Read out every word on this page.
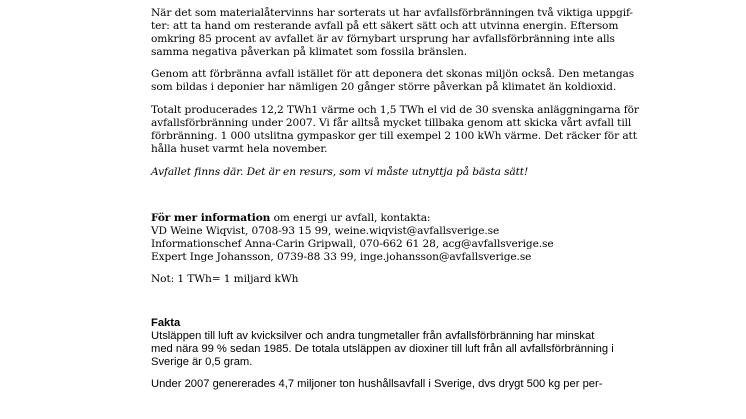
När det som materialåtervinns har sorterats ut har avfallsförbränningen två viktiga uppgif-
ter: att ta hand om resterande avfall på ett säkert sätt och att utvinna energin. Eftersom
omkring 85 procent av avfallet är av förnybart ursprung har avfallsförbränning inte alls
samma negativa påverkan på klimatet som fossila bränslen.

Genom att förbränna avfall istället för att deponera det skonas miljön också. Den metangas
som bildas i deponier har nämligen 20 gånger större påverkan på klimatet än koldioxid.

Totalt producerades 12,2 TWh1 värme och 1,5 TWh el vid de 30 svenska anläggningarna för
avfallsförbränning under 2007. Vi får alltså mycket tillbaka genom att skicka vårt avfall till
förbränning. 1 000 utslitna gympaskor ger till exempel 2 100 kWh värme. Det räcker för att
hålla huset varmt hela november.

Avfallet finns där. Det är en resurs, som vi måste utnyttja på bästa sätt!

För mer information om energi ur avfall, kontakta:
VD Weine Wiqvist, 0708-93 15 99, weine.wiqvist@avfallsverige.se
Informationschef Anna-Carin Gripwall, 070-662 61 28, acg@avfallsverige.se
Expert Inge Johansson, 0739-88 33 99, inge.johansson@avfallsverige.se

Not: 1 TWh= 1 miljard kWh

Fakta

Utsläppen till luft av kvicksilver och andra tungmetaller från avfallsförbränning har minskat
med nära 99 % sedan 1985. De totala utsläppen av dioxiner till luft från all avfallsförbränning i
Sverige är 0,5 gram.

Under 2007 genererades 4,7 miljoner ton hushållsavfall i Sverige, dvs drygt 500 kg per per-
